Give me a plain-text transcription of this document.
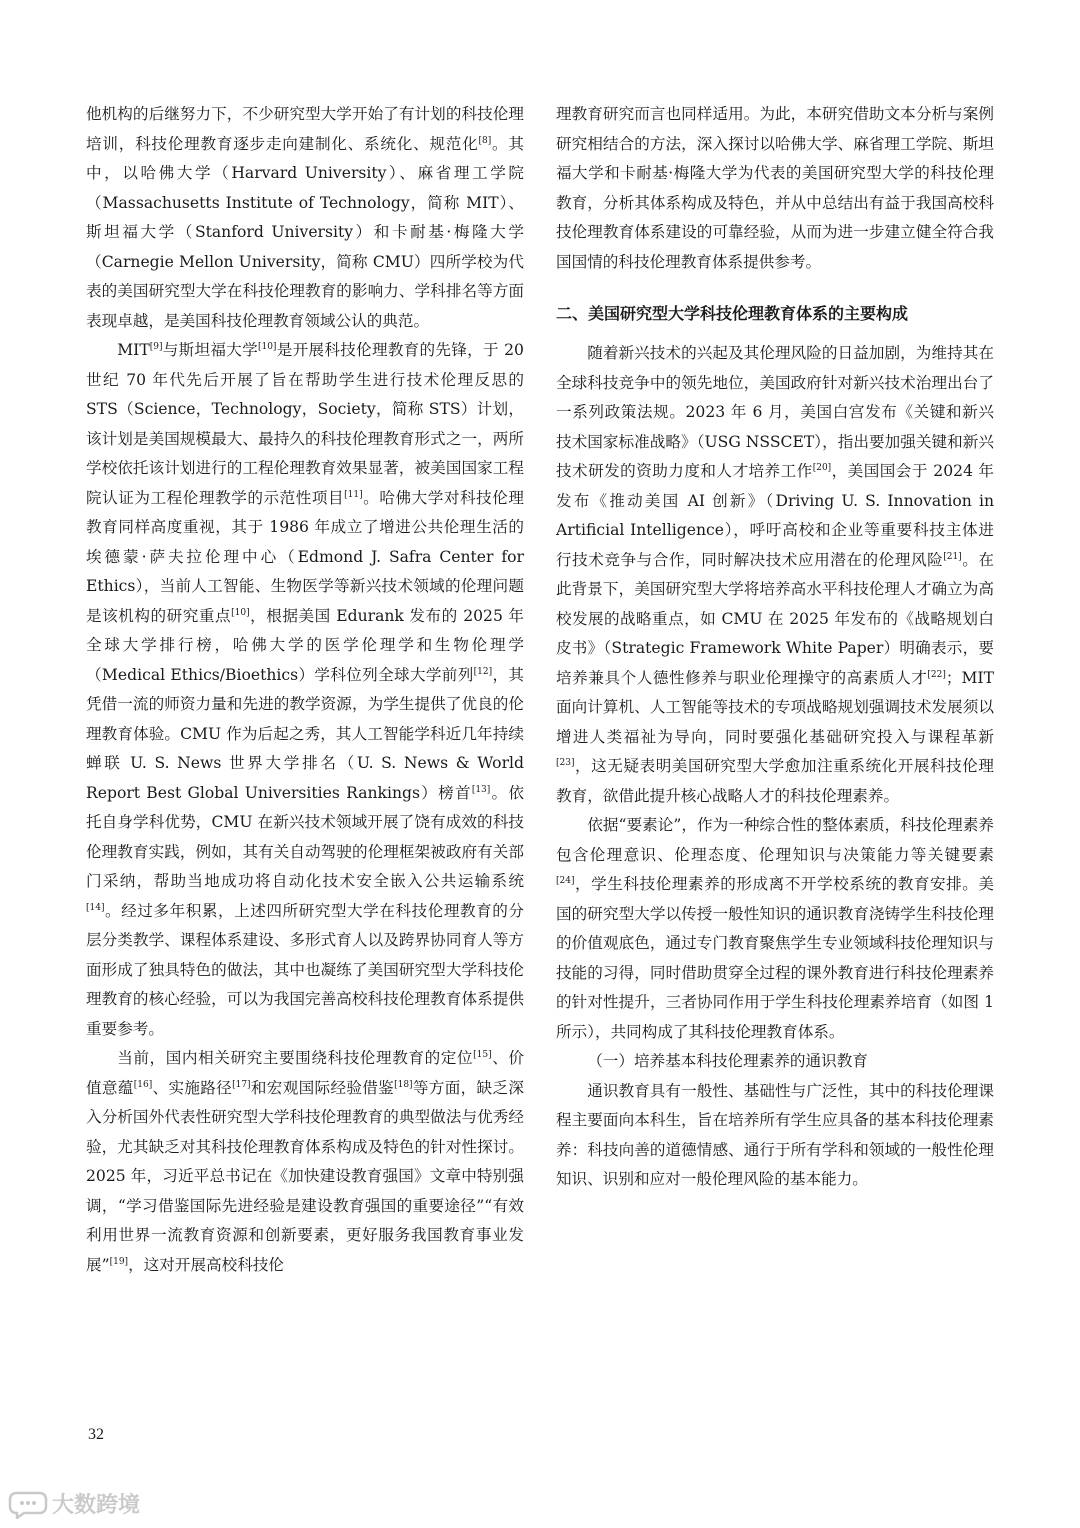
他机构的后继努力下，不少研究型大学开始了有计划的科技伦理培训，科技伦理教育逐步走向建制化、系统化、规范化[8]。其中，以哈佛大学（Harvard University）、麻省理工学院（Massachusetts Institute of Technology，简称 MIT）、斯坦福大学（Stanford University）和卡耐基·梅隆大学（Carnegie Mellon University，简称 CMU）四所学校为代表的美国研究型大学在科技伦理教育的影响力、学科排名等方面表现卓越，是美国科技伦理教育领域公认的典范。

MIT[9]与斯坦福大学[10]是开展科技伦理教育的先锋，于 20 世纪 70 年代先后开展了旨在帮助学生进行技术伦理反思的 STS（Science，Technology，Society，简称 STS）计划，该计划是美国规模最大、最持久的科技伦理教育形式之一，两所学校依托该计划进行的工程伦理教育效果显著，被美国国家工程院认证为工程伦理教学的示范性项目[11]。哈佛大学对科技伦理教育同样高度重视，其于 1986 年成立了增进公共伦理生活的埃德蒙·萨夫拉伦理中心（Edmond J. Safra Center for Ethics），当前人工智能、生物医学等新兴技术领域的伦理问题是该机构的研究重点[10]，根据美国 Edurank 发布的 2025 年全球大学排行榜，哈佛大学的医学伦理学和生物伦理学（Medical Ethics/Bioethics）学科位列全球大学前列[12]，其凭借一流的师资力量和先进的教学资源，为学生提供了优良的伦理教育体验。CMU 作为后起之秀，其人工智能学科近几年持续蝉联 U. S. News 世界大学排名（U. S. News & World Report Best Global Universities Rankings）榜首[13]。依托自身学科优势，CMU 在新兴技术领域开展了饶有成效的科技伦理教育实践，例如，其有关自动驾驶的伦理框架被政府有关部门采纳，帮助当地成功将自动化技术安全嵌入公共运输系统[14]。经过多年积累，上述四所研究型大学在科技伦理教育的分层分类教学、课程体系建设、多形式育人以及跨界协同育人等方面形成了独具特色的做法，其中也凝练了美国研究型大学科技伦理教育的核心经验，可以为我国完善高校科技伦理教育体系提供重要参考。

当前，国内相关研究主要围绕科技伦理教育的定位[15]、价值意蕴[16]、实施路径[17]和宏观国际经验借鉴[18]等方面，缺乏深入分析国外代表性研究型大学科技伦理教育的典型做法与优秀经验，尤其缺乏对其科技伦理教育体系构成及特色的针对性探讨。2025 年，习近平总书记在《加快建设教育强国》文章中特别强调，“学习借鉴国际先进经验是建设教育强国的重要途径”“有效利用世界一流教育资源和创新要素，更好服务我国教育事业发展”[19]，这对开展高校科技伦

理教育研究而言也同样适用。为此，本研究借助文本分析与案例研究相结合的方法，深入探讨以哈佛大学、麻省理工学院、斯坦福大学和卡耐基·梅隆大学为代表的美国研究型大学的科技伦理教育，分析其体系构成及特色，并从中总结出有益于我国高校科技伦理教育体系建设的可靠经验，从而为进一步建立健全符合我国国情的科技伦理教育体系提供参考。

二、美国研究型大学科技伦理教育体系的主要构成

随着新兴技术的兴起及其伦理风险的日益加剧，为维持其在全球科技竞争中的领先地位，美国政府针对新兴技术治理出台了一系列政策法规。2023 年 6 月，美国白宫发布《关键和新兴技术国家标准战略》（USG NSSCET），指出要加强关键和新兴技术研发的资助力度和人才培养工作[20]，美国国会于 2024 年发布《推动美国 AI 创新》（Driving U. S. Innovation in Artificial Intelligence），呼吁高校和企业等重要科技主体进行技术竞争与合作，同时解决技术应用潜在的伦理风险[21]。在此背景下，美国研究型大学将培养高水平科技伦理人才确立为高校发展的战略重点，如 CMU 在 2025 年发布的《战略规划白皮书》（Strategic Framework White Paper）明确表示，要培养兼具个人德性修养与职业伦理操守的高素质人才[22]；MIT 面向计算机、人工智能等技术的专项战略规划强调技术发展须以增进人类福祉为导向，同时要强化基础研究投入与课程革新[23]，这无疑表明美国研究型大学愈加注重系统化开展科技伦理教育，欲借此提升核心战略人才的科技伦理素养。

依据“要素论”，作为一种综合性的整体素质，科技伦理素养包含伦理意识、伦理态度、伦理知识与决策能力等关键要素[24]，学生科技伦理素养的形成离不开学校系统的教育安排。美国的研究型大学以传授一般性知识的通识教育浇铸学生科技伦理的价值观底色，通过专门教育聚焦学生专业领域科技伦理知识与技能的习得，同时借助贯穿全过程的课外教育进行科技伦理素养的针对性提升，三者协同作用于学生科技伦理素养培育（如图 1 所示），共同构成了其科技伦理教育体系。

（一）培养基本科技伦理素养的通识教育

通识教育具有一般性、基础性与广泛性，其中的科技伦理课程主要面向本科生，旨在培养所有学生应具备的基本科技伦理素养：科技向善的道德情感、通行于所有学科和领域的一般性伦理知识、识别和应对一般伦理风险的基本能力。

32
大数跨境
